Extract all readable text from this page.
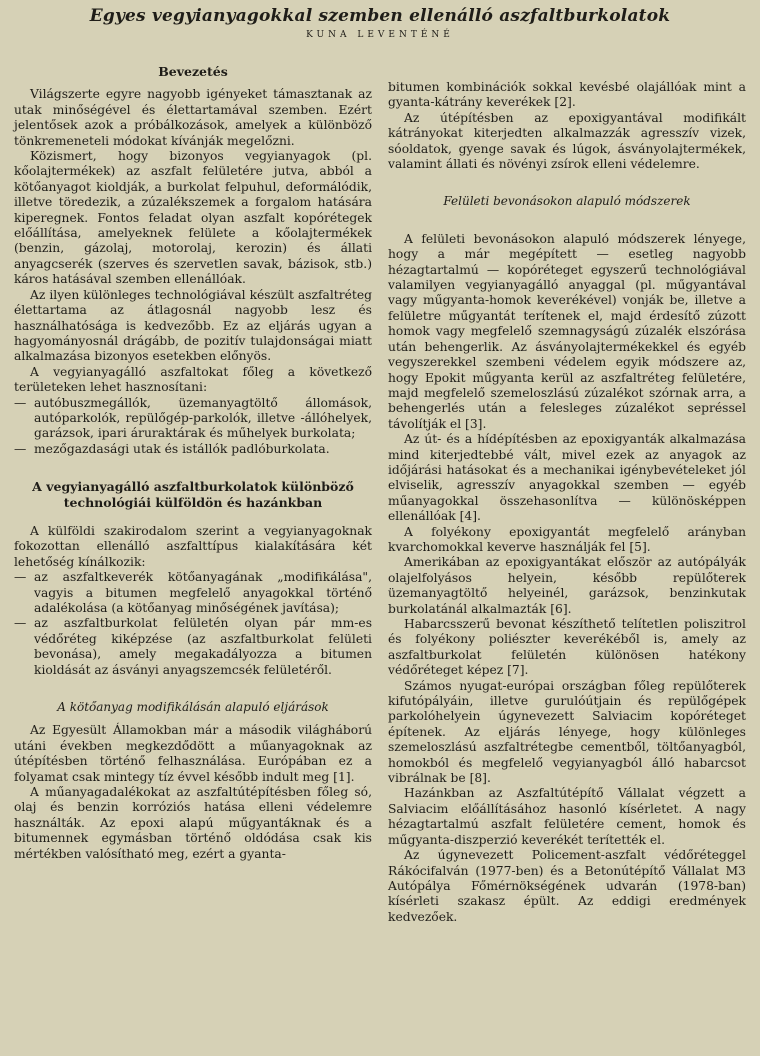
Egyes vegyianyagokkal szemben ellenálló aszfaltburkolatok
KUNA LEVENTÉNÉ
Bevezetés

Világszerte egyre nagyobb igényeket támasztanak az utak minőségével és élettartamával szemben. Ezért jelentősek azok a próbálkozások, amelyek a különböző tönkremeneteli módokat kívánják megelőzni.

Közismert, hogy bizonyos vegyianyagok (pl. kőolajtermékek) az aszfalt felületére jutva, abból a kötőanyagot kioldják, a burkolat felpuhul, deformálódik, illetve töredezik, a zúzalékszemek a forgalom hatására kiperegnek. Fontos feladat olyan aszfalt kopórétegek előállítása, amelyeknek felülete a kőolajtermékek (benzin, gázolaj, motorolaj, kerozin) és állati anyagcserék (szerves és szervetlen savak, bázisok, stb.) káros hatásával szemben ellenállóak.

Az ilyen különleges technológiával készült aszfaltréteg élettartama az átlagosnál nagyobb lesz és használhatósága is kedvezőbb. Ez az eljárás ugyan a hagyományosnál drágább, de pozitív tulajdonságai miatt alkalmazása bizonyos esetekben előnyös.

A vegyianyagálló aszfaltokat főleg a következő területeken lehet hasznosítani:

— autóbuszmegállók, üzemanyagtöltő állomások, autóparkolók, repülőgép-parkolók, illetve -állóhelyek, garázsok, ipari áruraktárak és műhelyek burkolata;
— mezőgazdasági utak és istállók padlóburkolata.
A vegyianyagálló aszfaltburkolatok különböző technológiái külföldön és hazánkban

A külföldi szakirodalom szerint a vegyianyagoknak fokozottan ellenálló aszfalttípus kialakítására két lehetőség kínálkozik:

— az aszfaltkeverék kötőanyagának „modifikálása", vagyis a bitumen megfelelő anyagokkal történő adalékolása (a kötőanyag minőségének javítása);
— az aszfaltburkolat felületén olyan pár mm-es védőréteg kiképzése (az aszfaltburkolat felületi bevonása), amely megakadályozza a bitumen kioldását az ásványi anyagszemcsék felületéről.
A kötőanyag modifikálásán alapuló eljárások

Az Egyesült Államokban már a második világháború utáni években megkezdődött a műanyagoknak az útépítésben történő felhasználása. Európában ez a folyamat csak mintegy tíz évvel később indult meg [1].

A műanyagadalékokat az aszfaltútépítésben főleg só, olaj és benzin korróziós hatása elleni védelemre használták. Az epoxi alapú műgyantáknak és a bitumennek egymásban történő oldódása csak kis mértékben valósítható meg, ezért a gyanta-

bitumen kombinációk sokkal kevésbé olajállóak mint a gyanta-kátrány keverékek [2].

Az útépítésben az epoxigyantával modifikált kátrányokat kiterjedten alkalmazzák agresszív vizek, sóoldatok, gyenge savak és lúgok, ásványolajtermékek, valamint állati és növényi zsírok elleni védelemre.

Felületi bevonásokon alapuló módszerek

A felületi bevonásokon alapuló módszerek lényege, hogy a már megépített — esetleg nagyobb hézagtartalmú — kopóréteget egyszerű technológiával valamilyen vegyianyagálló anyaggal (pl. műgyantával vagy műgyanta-homok keverékével) vonják be, illetve a felületre műgyantát terítenek el, majd érdesítő zúzott homok vagy megfelelő szemnagyságú zúzalék elszórása után behengerlik. Az ásványolajtermékekkel és egyéb vegyszerekkel szembeni védelem egyik módszere az, hogy Epokit műgyanta kerül az aszfaltréteg felületére, majd megfelelő szemeloszlású zúzalékot szórnak arra, a behengerlés után a felesleges zúzalékot sepréssel távolítják el [3].

Az út- és a hídépítésben az epoxigyanták alkalmazása mind kiterjedtebbé vált, mivel ezek az anyagok az időjárási hatásokat és a mechanikai igénybevételeket jól elviselik, agresszív anyagokkal szemben — egyéb műanyagokkal összehasonlítva — különösképpen ellenállóak [4].

A folyékony epoxigyantát megfelelő arányban kvarchomokkal keverve használják fel [5].

Amerikában az epoxigyantákat először az autópályák olajelfolyásos helyein, később repülőterek üzemanyagtöltő helyeinél, garázsok, benzinkutak burkolatánál alkalmazták [6].

Habarcsszerű bevonat készíthető telítetlen poliszitrol és folyékony poliészter keverékéből is, amely az aszfaltburkolat felületén különösen hatékony védőréteget képez [7].

Számos nyugat-európai országban főleg repülőterek kifutópályáin, illetve gurulóútjain és repülőgépek parkolóhelyein úgynevezett Salviacim kopóréteget építenek. Az eljárás lényege, hogy különleges szemeloszlású aszfaltrétegbe cementből, töltőanyagból, homokból és megfelelő vegyianyagból álló habarcsot vibrálnak be [8].

Hazánkban az Aszfaltútépítő Vállalat végzett a Salviacim előállításához hasonló kísérletet. A nagy hézagtartalmú aszfalt felületére cement, homok és műgyanta-diszperzió keverékét terítették el.

Az úgynevezett Policement-aszfalt védőréteggel Rákócifalván (1977-ben) és a Betonútépítő Vállalat M3 Autópálya Főmérnökségének udvarán (1978-ban) kísérleti szakasz épült. Az eddigi eredmények kedvezőek.
